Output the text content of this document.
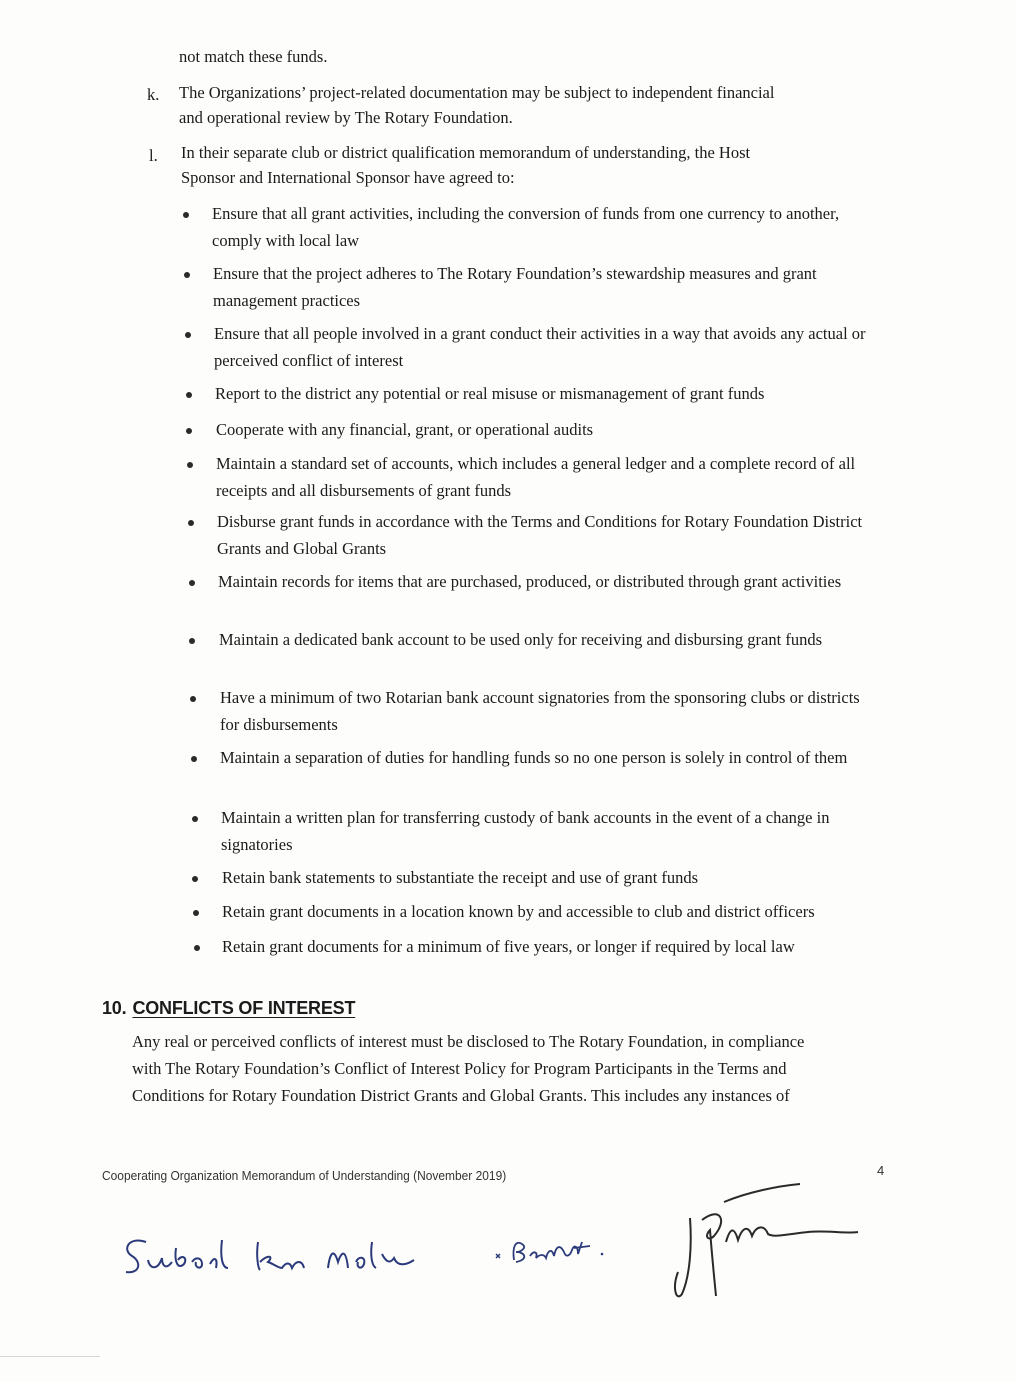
not match these funds.
k. The Organizations’ project-related documentation may be subject to independent financial
and operational review by The Rotary Foundation.
l. In their separate club or district qualification memorandum of understanding, the Host
Sponsor and International Sponsor have agreed to:
Ensure that all grant activities, including the conversion of funds from one currency to another, comply with local law
Ensure that the project adheres to The Rotary Foundation’s stewardship measures and grant management practices
Ensure that all people involved in a grant conduct their activities in a way that avoids any actual or perceived conflict of interest
Report to the district any potential or real misuse or mismanagement of grant funds
Cooperate with any financial, grant, or operational audits
Maintain a standard set of accounts, which includes a general ledger and a complete record of all receipts and all disbursements of grant funds
Disburse grant funds in accordance with the Terms and Conditions for Rotary Foundation District Grants and Global Grants
Maintain records for items that are purchased, produced, or distributed through grant activities
Maintain a dedicated bank account to be used only for receiving and disbursing grant funds
Have a minimum of two Rotarian bank account signatories from the sponsoring clubs or districts for disbursements
Maintain a separation of duties for handling funds so no one person is solely in control of them
Maintain a written plan for transferring custody of bank accounts in the event of a change in signatories
Retain bank statements to substantiate the receipt and use of grant funds
Retain grant documents in a location known by and accessible to club and district officers
Retain grant documents for a minimum of five years, or longer if required by local law
10. CONFLICTS OF INTEREST
Any real or perceived conflicts of interest must be disclosed to The Rotary Foundation, in compliance
with The Rotary Foundation’s Conflict of Interest Policy for Program Participants in the Terms and
Conditions for Rotary Foundation District Grants and Global Grants. This includes any instances of
Cooperating Organization Memorandum of Understanding (November 2019)	4
